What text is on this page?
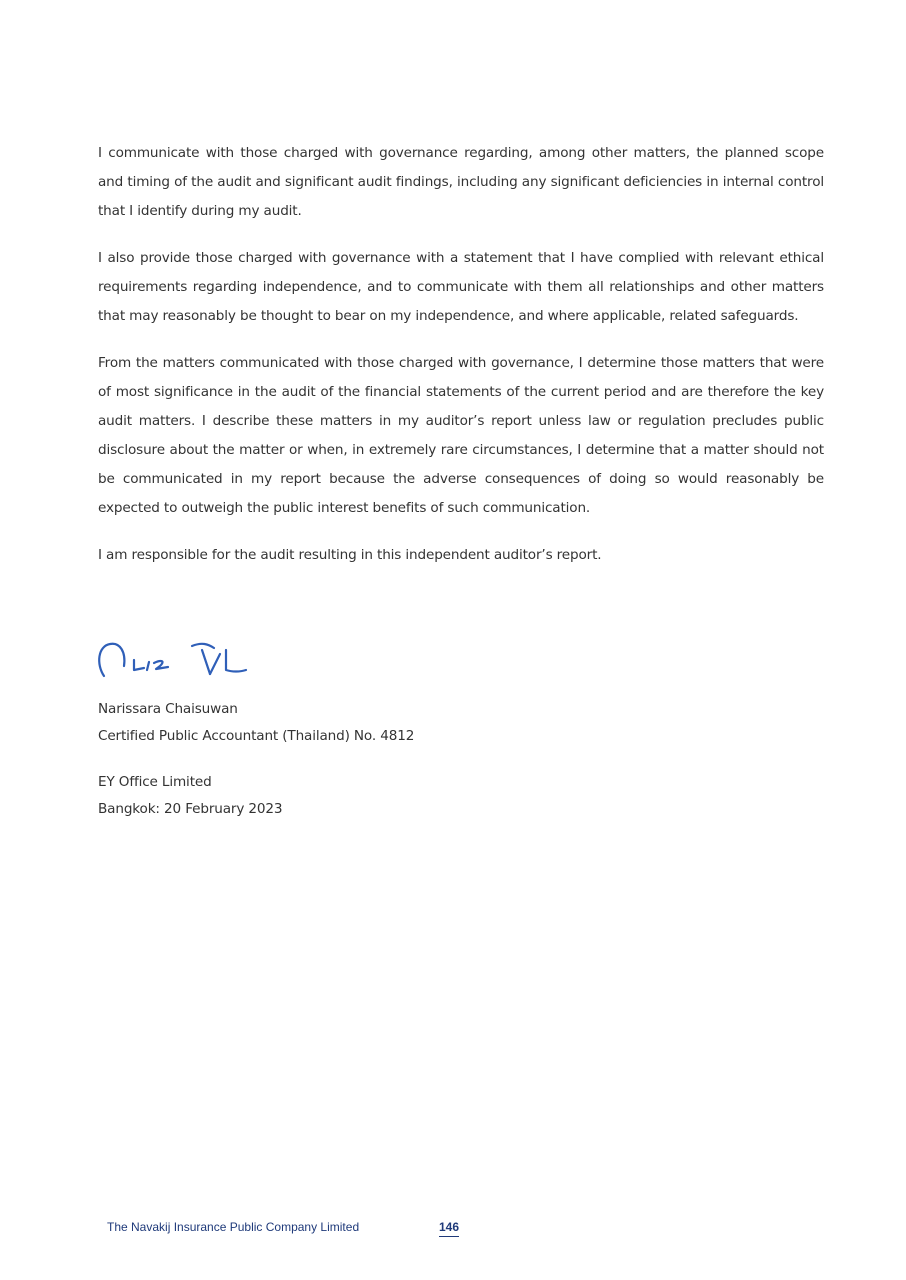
I communicate with those charged with governance regarding, among other matters, the planned scope and timing of the audit and significant audit findings, including any significant deficiencies in internal control that I identify during my audit.

I also provide those charged with governance with a statement that I have complied with relevant ethical requirements regarding independence, and to communicate with them all relationships and other matters that may reasonably be thought to bear on my independence, and where applicable, related safeguards.

From the matters communicated with those charged with governance, I determine those matters that were of most significance in the audit of the financial statements of the current period and are therefore the key audit matters. I describe these matters in my auditor’s report unless law or regulation precludes public disclosure about the matter or when, in extremely rare circumstances, I determine that a matter should not be communicated in my report because the adverse consequences of doing so would reasonably be expected to outweigh the public interest benefits of such communication.

I am responsible for the audit resulting in this independent auditor’s report.

Narissara Chaisuwan
Certified Public Accountant (Thailand) No. 4812
EY Office Limited
Bangkok: 20 February 2023
The Navakij Insurance Public Company Limited	146
